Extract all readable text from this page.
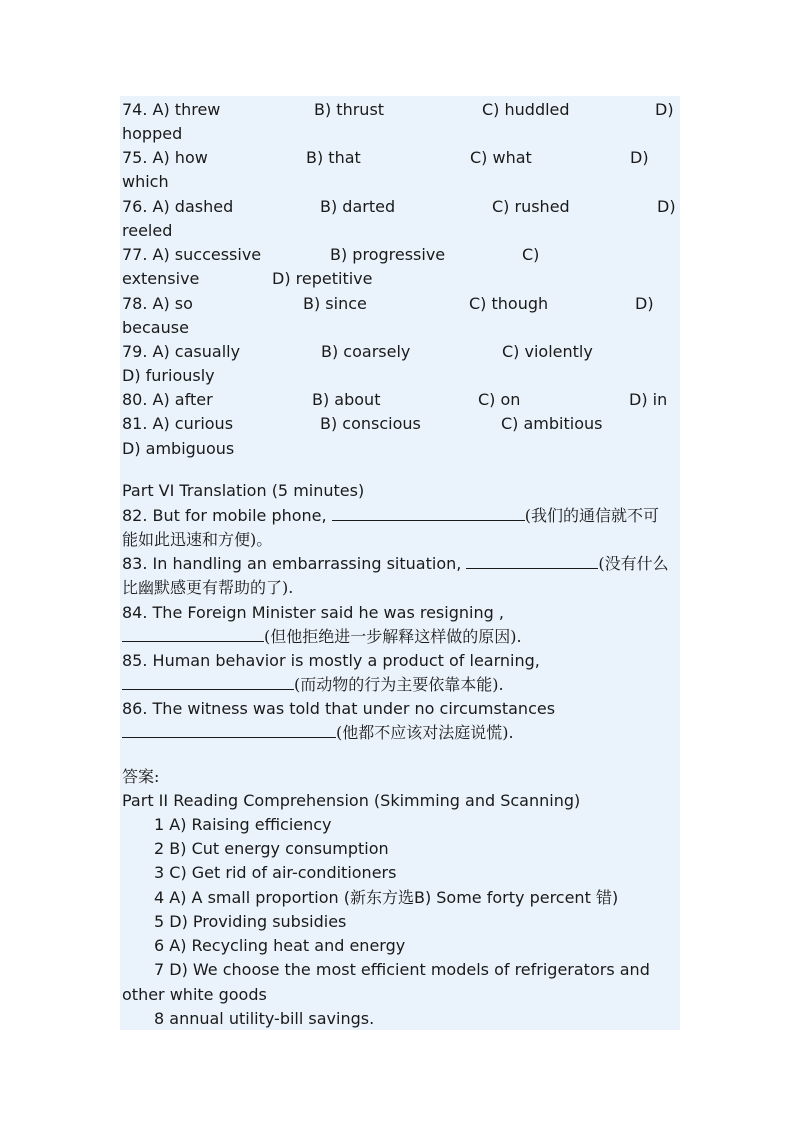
74. A) threw	B) thrust	C) huddled	D)
hopped
75. A) how	B) that	C) what	D)
which
76. A) dashed	B) darted	C) rushed	D)
reeled
77. A) successive	B) progressive	C)
extensive	D) repetitive
78. A) so	B) since	C) though	D)
because
79. A) casually	B) coarsely	C) violently
D) furiously
80. A) after	B) about	C) on	D) in
81. A) curious	B) conscious	C) ambitious
D) ambiguous
Part VI Translation (5 minutes)
82. But for mobile phone,	(我们的通信就不可
能如此迅速和方便)。
83. In handling an embarrassing situation,	(没有什么
比幽默感更有帮助的了).
84. The Foreign Minister said he was resigning ,
(但他拒绝进一步解释这样做的原因).
85. Human behavior is mostly a product of learning,
(而动物的行为主要依靠本能).
86. The witness was told that under no circumstances
(他都不应该对法庭说慌).
答案:
Part II Reading Comprehension (Skimming and Scanning)
1 A) Raising efficiency
2 B) Cut energy consumption
3 C) Get rid of air-conditioners
4 A) A small proportion (新东方选B) Some forty percent 错)
5 D) Providing subsidies
6 A) Recycling heat and energy
7 D) We choose the most efficient models of refrigerators and
other white goods
8 annual utility-bill savings.
